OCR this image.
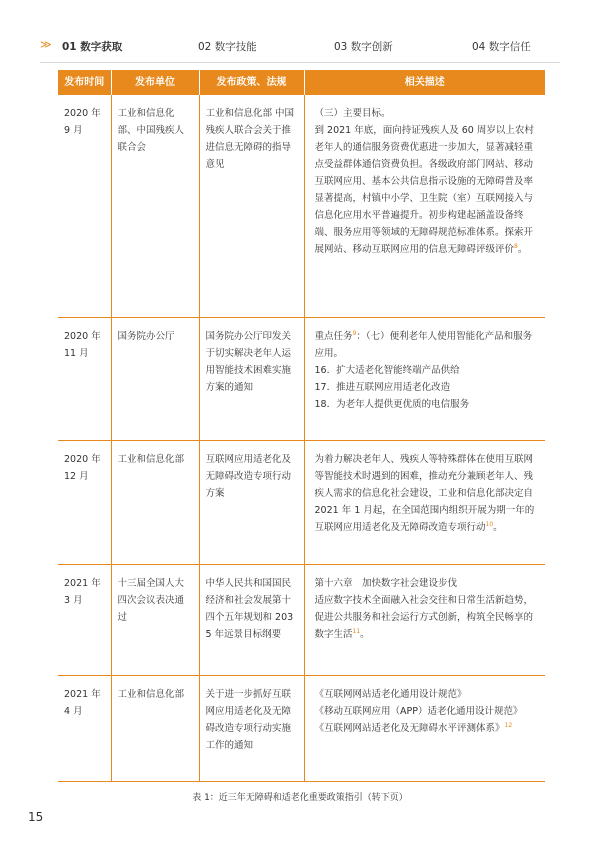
≫ 01 数字获取	02 数字技能	03 数字创新	04 数字信任
发布时间	发布单位	发布政策、法规	相关描述
2020 年 9 月	工业和信息化部、中国残疾人联合会	工业和信息化部 中国残疾人联合会关于推进信息无障碍的指导意见	（三）主要目标。
到 2021 年底，面向持证残疾人及 60 周岁以上农村老年人的通信服务资费优惠进一步加大，显著减轻重点受益群体通信资费负担。各级政府部门网站、移动互联网应用、基本公共信息指示设施的无障碍普及率显著提高，村镇中小学、卫生院（室）互联网接入与信息化应用水平普遍提升。初步构建起涵盖设备终端、服务应用等领域的无障碍规范标准体系。探索开展网站、移动互联网应用的信息无障碍评级评价$^8$。
2020 年 11 月	国务院办公厅	国务院办公厅印发关于切实解决老年人运用智能技术困难实施方案的通知	重点任务$^9$：（七）便利老年人使用智能化产品和服务应用。
16．扩大适老化智能终端产品供给
17．推进互联网应用适老化改造
18．为老年人提供更优质的电信服务

2020 年 12 月	工业和信息化部	互联网应用适老化及无障碍改造专项行动方案	为着力解决老年人、残疾人等特殊群体在使用互联网等智能技术时遇到的困难，推动充分兼顾老年人、残疾人需求的信息化社会建设，工业和信息化部决定自 2021 年 1 月起，在全国范围内组织开展为期一年的互联网应用适老化及无障碍改造专项行动$^{10}$。
2021 年 3 月	十三届全国人大四次会议表决通过	中华人民共和国国民经济和社会发展第十四个五年规划和 2035 年远景目标纲要	第十六章　加快数字社会建设步伐
适应数字技术全面融入社会交往和日常生活新趋势，促进公共服务和社会运行方式创新，构筑全民畅享的数字生活$^{11}$。
2021 年 4 月	工业和信息化部	关于进一步抓好互联网应用适老化及无障碍改造专项行动实施工作的通知	《互联网网站适老化通用设计规范》
《移动互联网应用（APP）适老化通用设计规范》
《互联网网站适老化及无障碍水平评测体系》$^{12}$
表 1：近三年无障碍和适老化重要政策指引（转下页）
15
